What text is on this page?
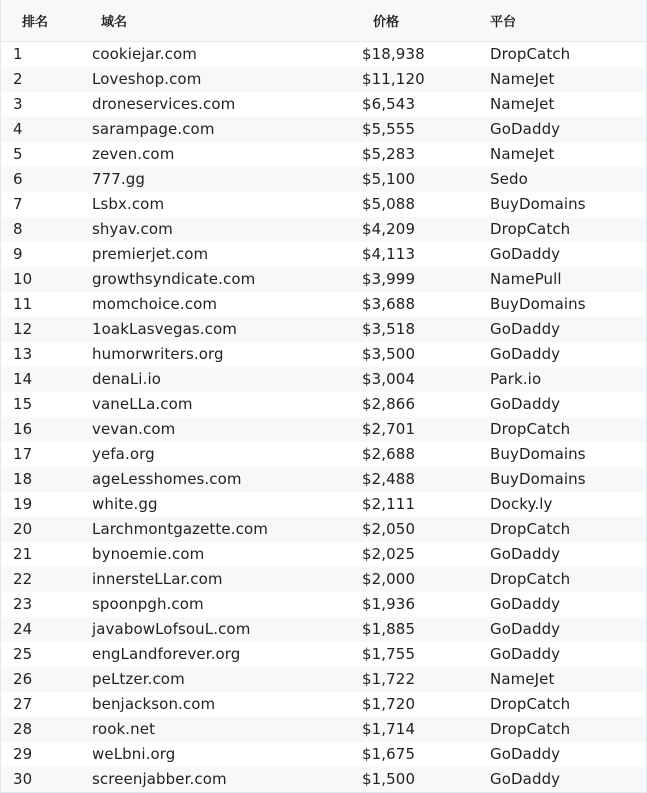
排名	域名	价格	平台
1	cookiejar.com	$18,938	DropCatch
2	Loveshop.com	$11,120	NameJet
3	droneservices.com	$6,543	NameJet
4	sarampage.com	$5,555	GoDaddy
5	zeven.com	$5,283	NameJet
6	777.gg	$5,100	Sedo
7	Lsbx.com	$5,088	BuyDomains
8	shyav.com	$4,209	DropCatch
9	premierjet.com	$4,113	GoDaddy
10	growthsyndicate.com	$3,999	NamePull
11	momchoice.com	$3,688	BuyDomains
12	1oakLasvegas.com	$3,518	GoDaddy
13	humorwriters.org	$3,500	GoDaddy
14	denaLi.io	$3,004	Park.io
15	vaneLLa.com	$2,866	GoDaddy
16	vevan.com	$2,701	DropCatch
17	yefa.org	$2,688	BuyDomains
18	ageLesshomes.com	$2,488	BuyDomains
19	white.gg	$2,111	Docky.ly
20	Larchmontgazette.com	$2,050	DropCatch
21	bynoemie.com	$2,025	GoDaddy
22	innersteLLar.com	$2,000	DropCatch
23	spoonpgh.com	$1,936	GoDaddy
24	javabowLofsouL.com	$1,885	GoDaddy
25	engLandforever.org	$1,755	GoDaddy
26	peLtzer.com	$1,722	NameJet
27	benjackson.com	$1,720	DropCatch
28	rook.net	$1,714	DropCatch
29	weLbni.org	$1,675	GoDaddy
30	screenjabber.com	$1,500	GoDaddy
